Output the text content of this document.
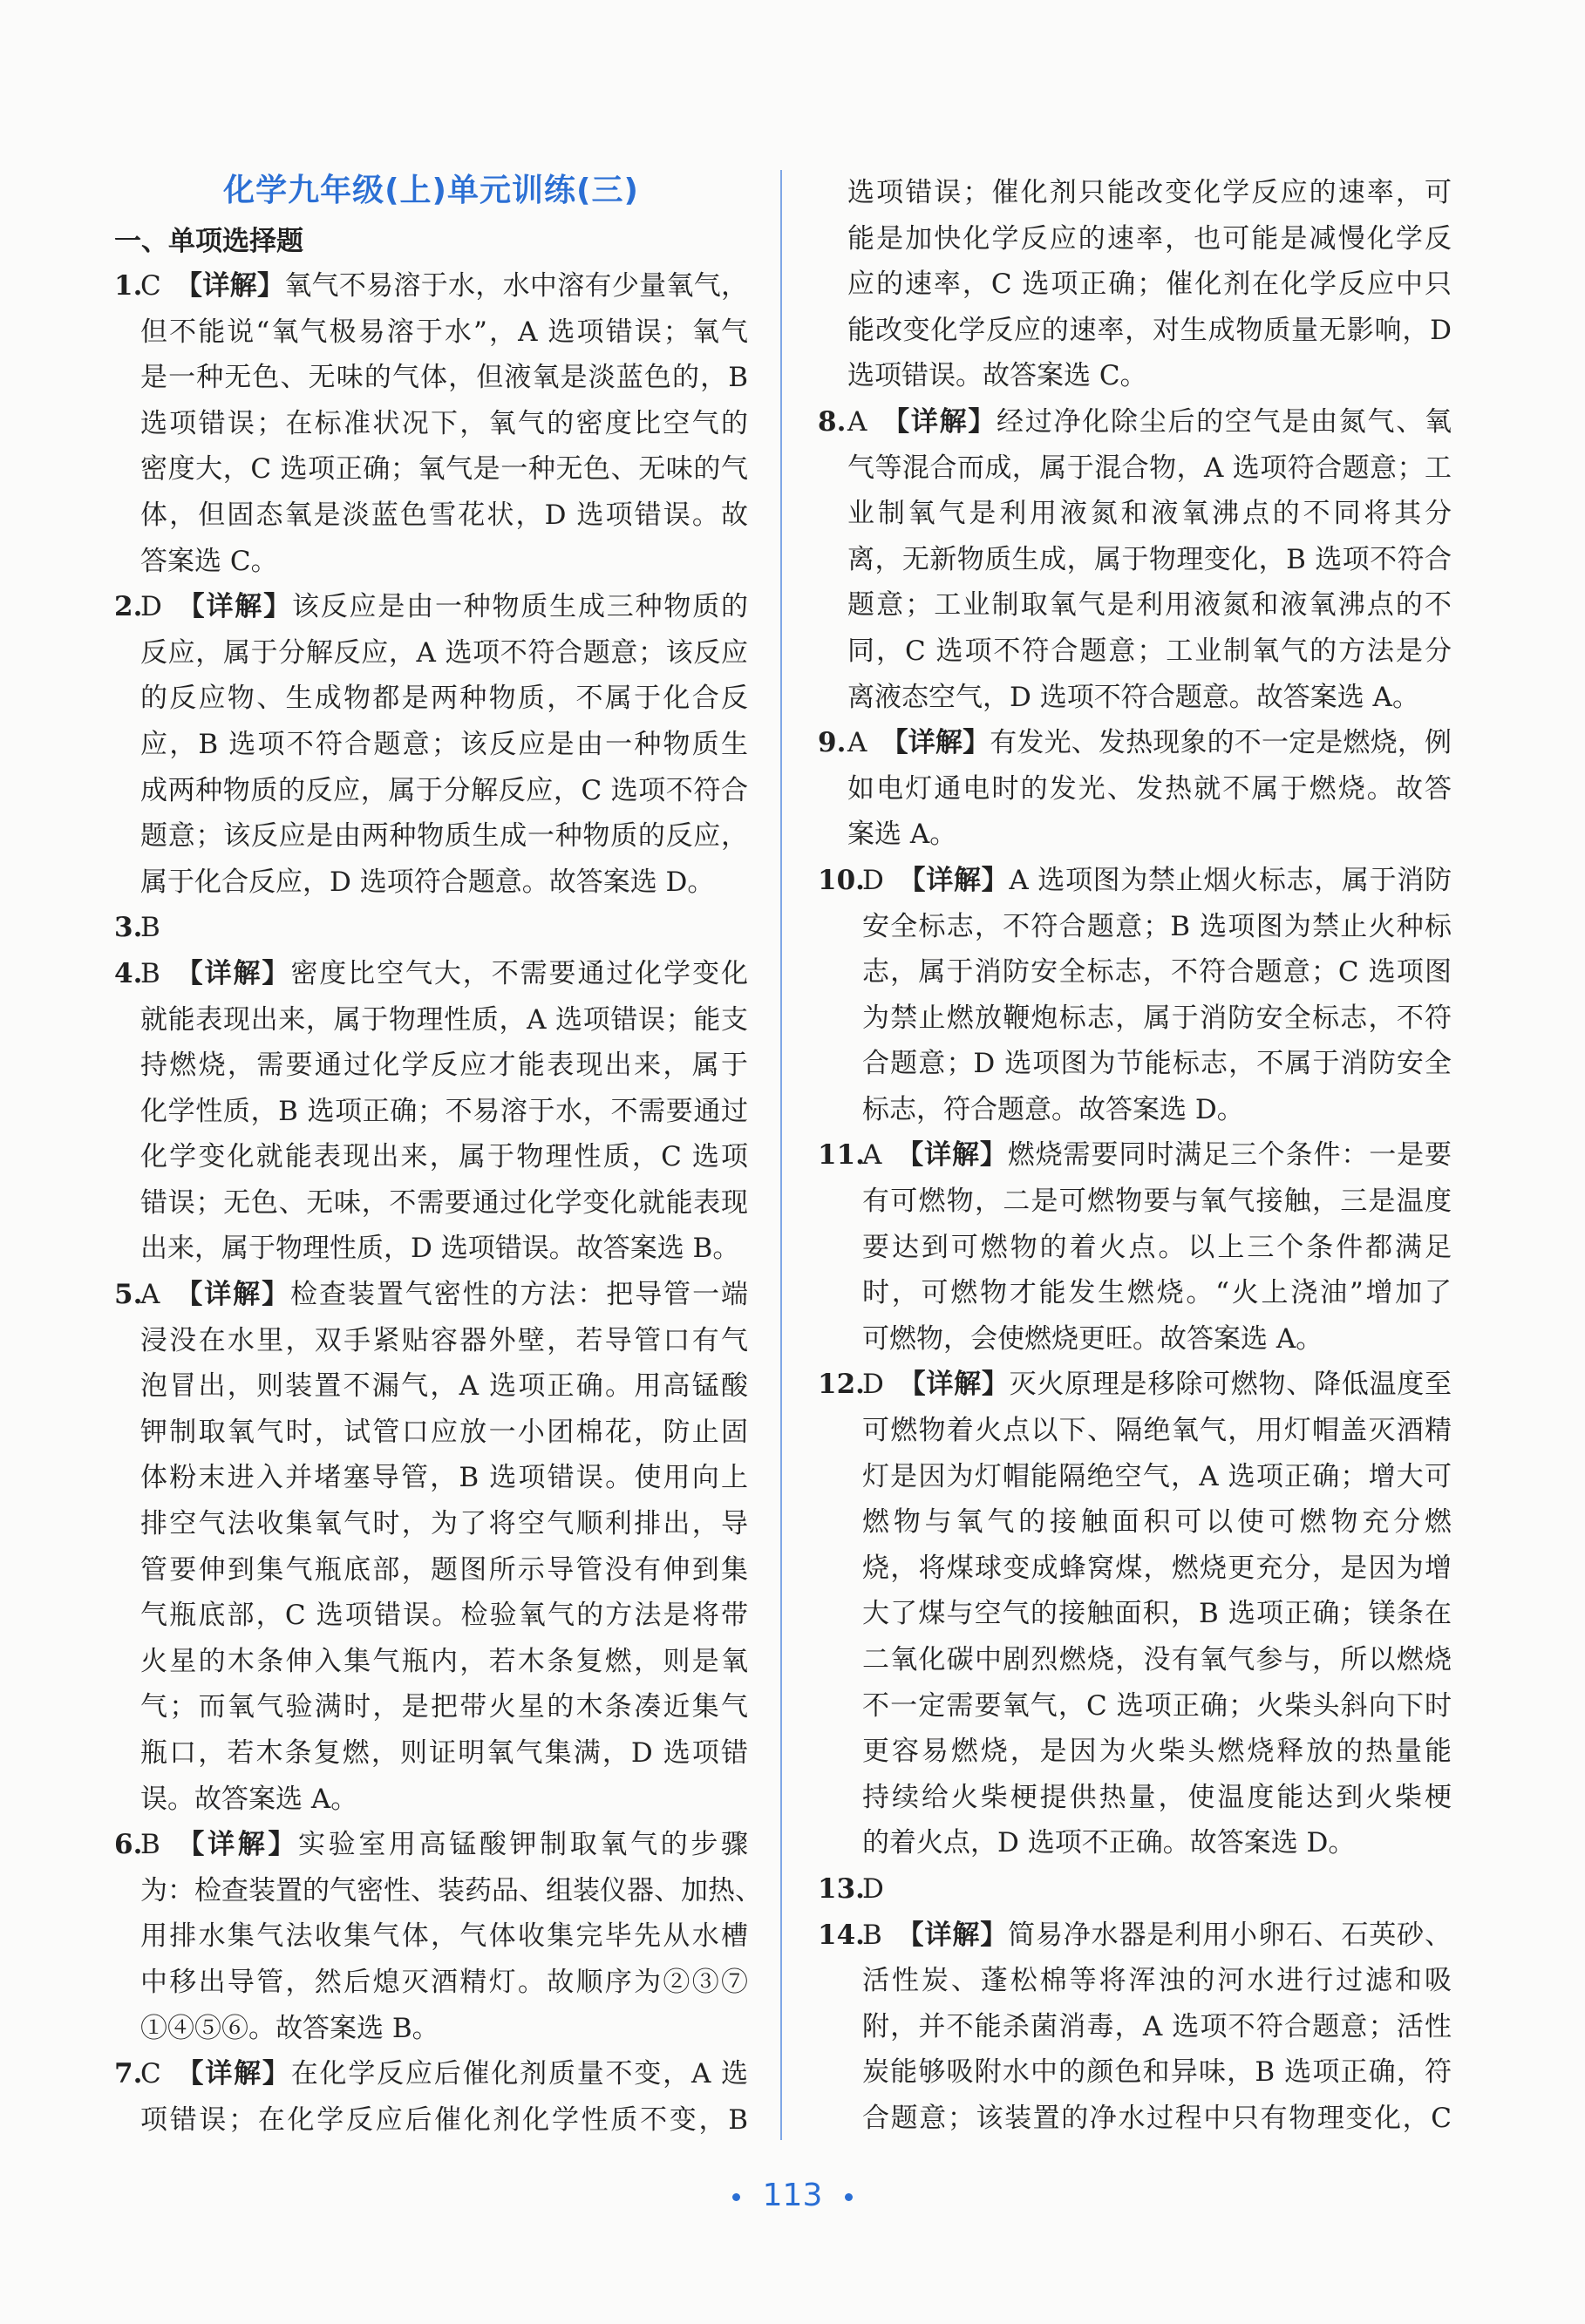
化学九年级(上)单元训练(三)
一、单项选择题
1.
C 【详解】氧气不易溶于水，水中溶有少量氧气，
但不能说“氧气极易溶于水”，A 选项错误；氧气
是一种无色、无味的气体，但液氧是淡蓝色的，B
选项错误；在标准状况下，氧气的密度比空气的
密度大，C 选项正确；氧气是一种无色、无味的气
体，但固态氧是淡蓝色雪花状，D 选项错误。故
答案选 C。
2.
D 【详解】该反应是由一种物质生成三种物质的
反应，属于分解反应，A 选项不符合题意；该反应
的反应物、生成物都是两种物质，不属于化合反
应，B 选项不符合题意；该反应是由一种物质生
成两种物质的反应，属于分解反应，C 选项不符合
题意；该反应是由两种物质生成一种物质的反应，
属于化合反应，D 选项符合题意。故答案选 D。
3.
B
4.
B 【详解】密度比空气大，不需要通过化学变化
就能表现出来，属于物理性质，A 选项错误；能支
持燃烧，需要通过化学反应才能表现出来，属于
化学性质，B 选项正确；不易溶于水，不需要通过
化学变化就能表现出来，属于物理性质，C 选项
错误；无色、无味，不需要通过化学变化就能表现
出来，属于物理性质，D 选项错误。故答案选 B。
5.
A 【详解】检查装置气密性的方法：把导管一端
浸没在水里，双手紧贴容器外壁，若导管口有气
泡冒出，则装置不漏气，A 选项正确。用高锰酸
钾制取氧气时，试管口应放一小团棉花，防止固
体粉末进入并堵塞导管，B 选项错误。使用向上
排空气法收集氧气时，为了将空气顺利排出，导
管要伸到集气瓶底部，题图所示导管没有伸到集
气瓶底部，C 选项错误。检验氧气的方法是将带
火星的木条伸入集气瓶内，若木条复燃，则是氧
气；而氧气验满时，是把带火星的木条凑近集气
瓶口，若木条复燃，则证明氧气集满，D 选项错
误。故答案选 A。
6.
B 【详解】实验室用高锰酸钾制取氧气的步骤
为：检查装置的气密性、装药品、组装仪器、加热、
用排水集气法收集气体，气体收集完毕先从水槽
中移出导管，然后熄灭酒精灯。故顺序为②③⑦
①④⑤⑥。故答案选 B。
7.
C 【详解】在化学反应后催化剂质量不变，A 选
项错误；在化学反应后催化剂化学性质不变，B
选项错误；催化剂只能改变化学反应的速率，可
能是加快化学反应的速率，也可能是减慢化学反
应的速率，C 选项正确；催化剂在化学反应中只
能改变化学反应的速率，对生成物质量无影响，D
选项错误。故答案选 C。
8. A 【详解】经过净化除尘后的空气是由氮气、氧
气等混合而成，属于混合物，A 选项符合题意；工
业制氧气是利用液氮和液氧沸点的不同将其分
离，无新物质生成，属于物理变化，B 选项不符合
题意；工业制取氧气是利用液氮和液氧沸点的不
同，C 选项不符合题意；工业制氧气的方法是分
离液态空气，D 选项不符合题意。故答案选 A。
9. A 【详解】有发光、发热现象的不一定是燃烧，例
如电灯通电时的发光、发热就不属于燃烧。故答
案选 A。
10.
D 【详解】A 选项图为禁止烟火标志，属于消防
安全标志，不符合题意；B 选项图为禁止火种标
志，属于消防安全标志，不符合题意；C 选项图
为禁止燃放鞭炮标志，属于消防安全标志，不符
合题意；D 选项图为节能标志，不属于消防安全
标志，符合题意。故答案选 D。
11.
A 【详解】燃烧需要同时满足三个条件：一是要
有可燃物，二是可燃物要与氧气接触，三是温度
要达到可燃物的着火点。以上三个条件都满足
时，可燃物才能发生燃烧。“火上浇油”增加了
可燃物，会使燃烧更旺。故答案选 A。
12.
D 【详解】灭火原理是移除可燃物、降低温度至
可燃物着火点以下、隔绝氧气，用灯帽盖灭酒精
灯是因为灯帽能隔绝空气，A 选项正确；增大可
燃物与氧气的接触面积可以使可燃物充分燃
烧，将煤球变成蜂窝煤，燃烧更充分，是因为增
大了煤与空气的接触面积，B 选项正确；镁条在
二氧化碳中剧烈燃烧，没有氧气参与，所以燃烧
不一定需要氧气，C 选项正确；火柴头斜向下时
更容易燃烧，是因为火柴头燃烧释放的热量能
持续给火柴梗提供热量，使温度能达到火柴梗
的着火点，D 选项不正确。故答案选 D。
13.
D
14.
B 【详解】简易净水器是利用小卵石、石英砂、
活性炭、蓬松棉等将浑浊的河水进行过滤和吸
附，并不能杀菌消毒，A 选项不符合题意；活性
炭能够吸附水中的颜色和异味，B 选项正确，符
合题意；该装置的净水过程中只有物理变化，C
113
